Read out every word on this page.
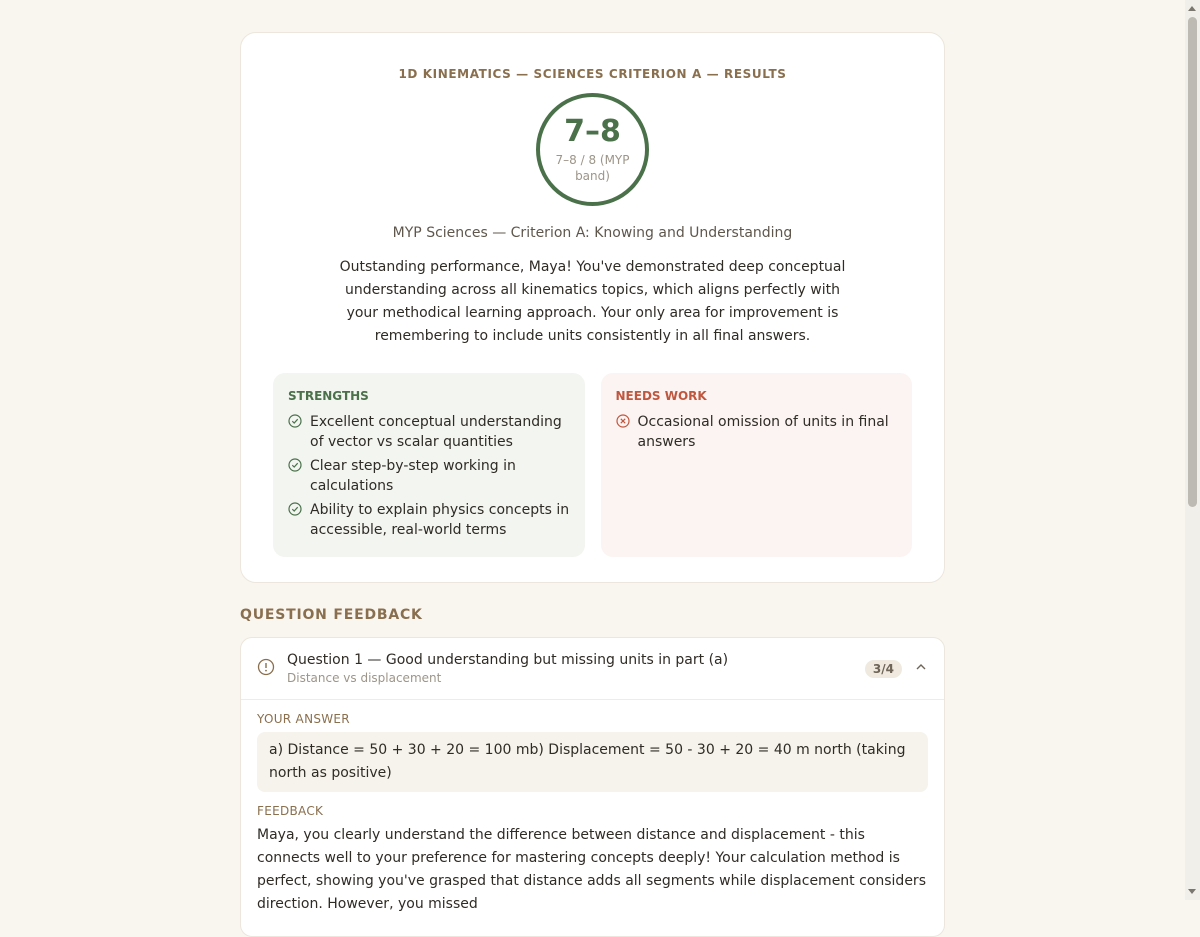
1D KINEMATICS — SCIENCES CRITERION A — RESULTS

7–8
7–8 / 8 (MYP band)
MYP Sciences — Criterion A: Knowing and Understanding
Outstanding performance, Maya! You've demonstrated deep conceptual understanding across all kinematics topics, which aligns perfectly with your methodical learning approach. Your only area for improvement is remembering to include units consistently in all final answers.
STRENGTHS
Excellent conceptual understanding of vector vs scalar quantities
Clear step-by-step working in calculations
Ability to explain physics concepts in accessible, real-world terms
NEEDS WORK
Occasional omission of units in final answers
QUESTION FEEDBACK
Question 1 — Good understanding but missing units in part (a)
Distance vs displacement
3/4
YOUR ANSWER
a) Distance = 50 + 30 + 20 = 100 mb) Displacement = 50 - 30 + 20 = 40 m north (taking north as positive)
FEEDBACK
Maya, you clearly understand the difference between distance and displacement - this connects well to your preference for mastering concepts deeply! Your calculation method is perfect, showing you've grasped that distance adds all segments while displacement considers direction. However, you missed
